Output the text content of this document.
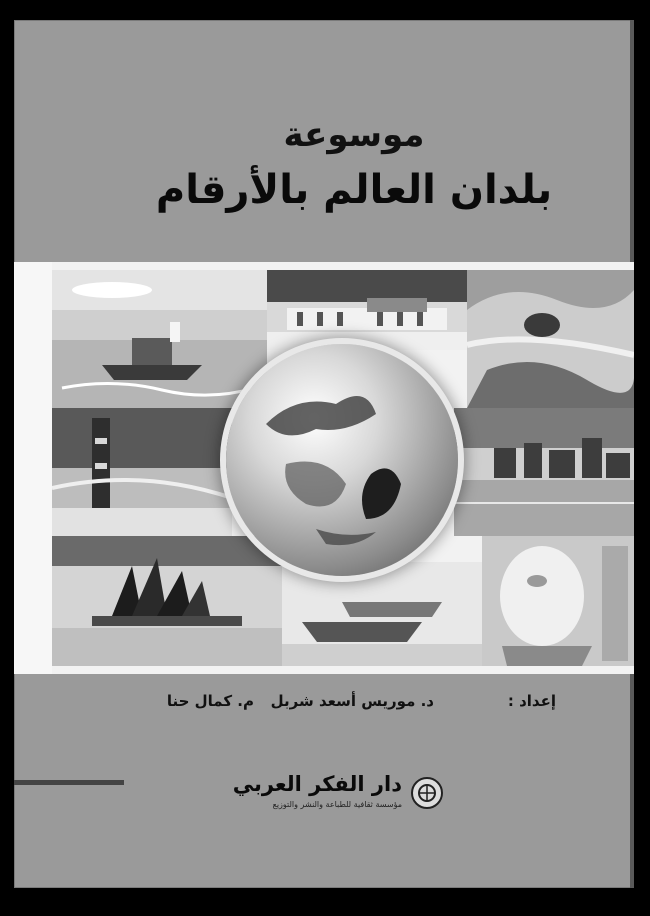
موسوعة
بلدان العالم بالأرقام
إعداد :
د. موريس أسعد شربل
م. كمال حنا
دار الفكر العربي
مؤسسة ثقافية للطباعة والنشر والتوزيع
